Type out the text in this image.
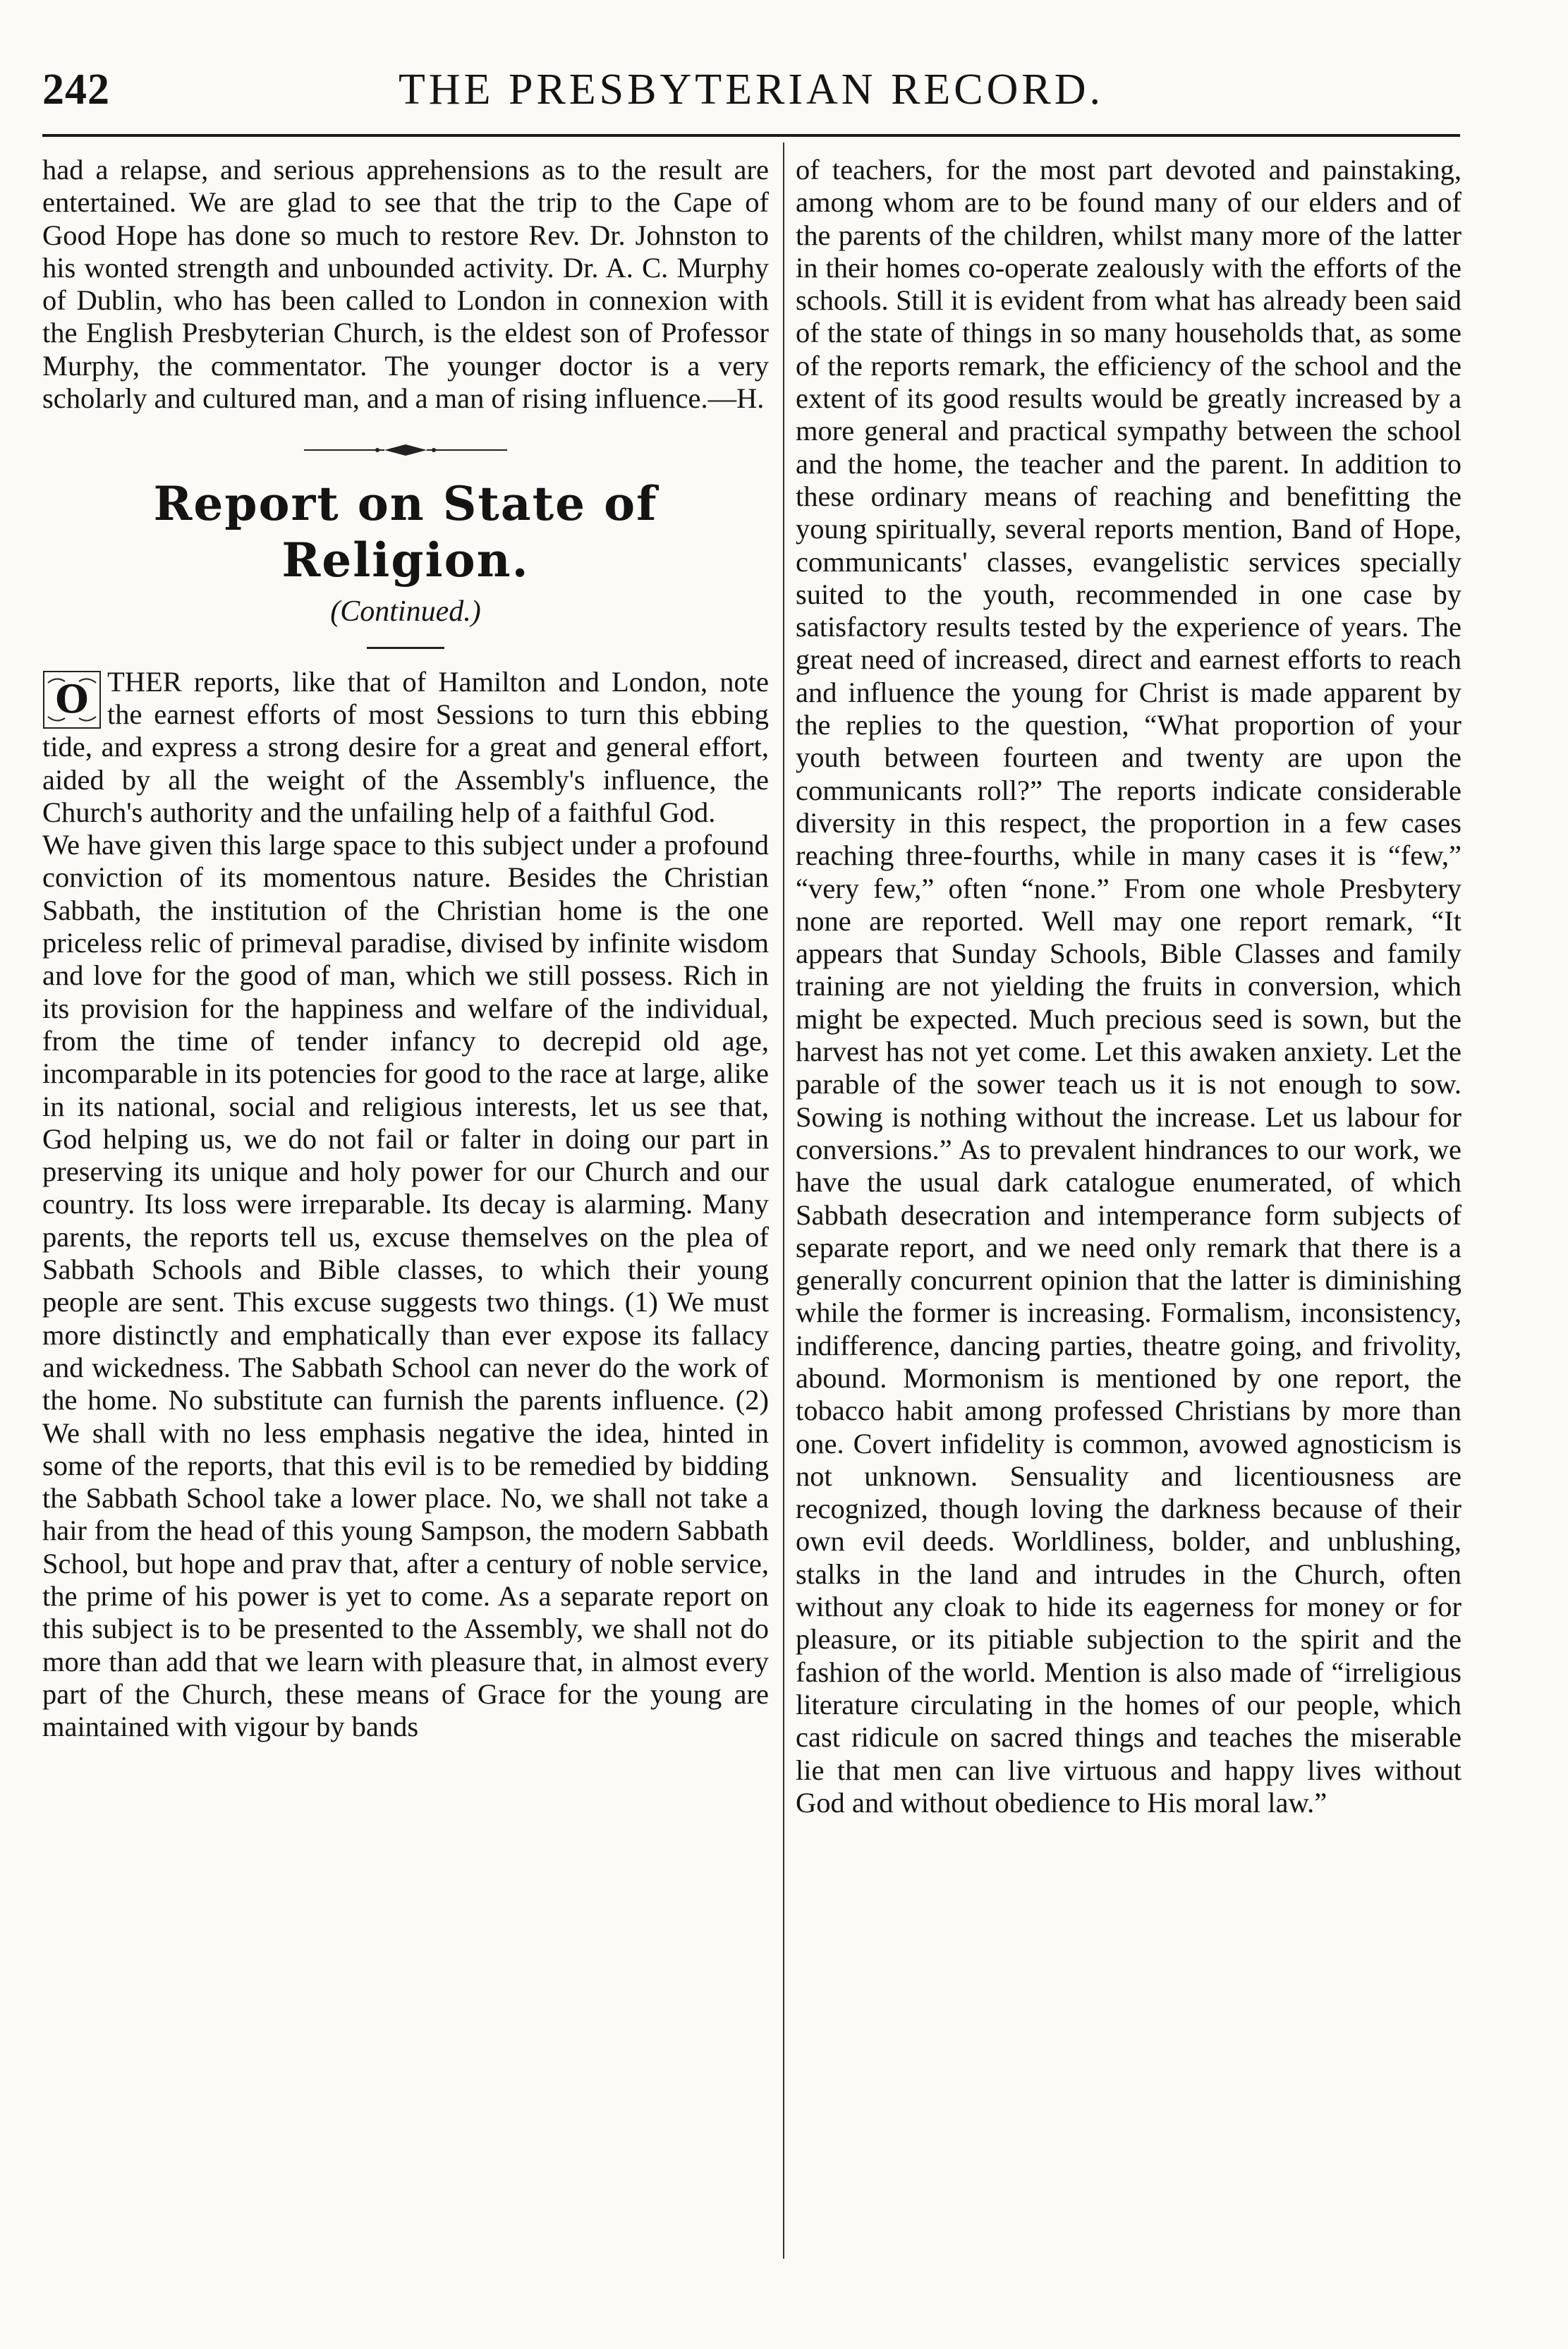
242	THE PRESBYTERIAN RECORD.

had a relapse, and serious apprehensions as to the result are entertained. We are glad to see that the trip to the Cape of Good Hope has done so much to restore Rev. Dr. Johnston to his wonted strength and unbounded activity. Dr. A. C. Murphy of Dublin, who has been called to London in connexion with the English Presbyterian Church, is the eldest son of Professor Murphy, the commentator. The younger doctor is a very scholarly and cultured man, and a man of rising influence.—H.

Report on State of Religion.
(Continued.)

O THER reports, like that of Hamilton and London, note the earnest efforts of most Sessions to turn this ebbing tide, and express a strong desire for a great and general effort, aided by all the weight of the Assembly's influence, the Church's authority and the unfailing help of a faithful God.

We have given this large space to this subject under a profound conviction of its momentous nature. Besides the Christian Sabbath, the institution of the Christian home is the one priceless relic of primeval paradise, divised by infinite wisdom and love for the good of man, which we still possess. Rich in its provision for the happiness and welfare of the individual, from the time of tender infancy to decrepid old age, incomparable in its potencies for good to the race at large, alike in its national, social and religious interests, let us see that, God helping us, we do not fail or falter in doing our part in preserving its unique and holy power for our Church and our country. Its loss were irreparable. Its decay is alarming. Many parents, the reports tell us, excuse themselves on the plea of Sabbath Schools and Bible classes, to which their young people are sent. This excuse suggests two things. (1) We must more distinctly and emphatically than ever expose its fallacy and wickedness. The Sabbath School can never do the work of the home. No substitute can furnish the parents influence. (2) We shall with no less emphasis negative the idea, hinted in some of the reports, that this evil is to be remedied by bidding the Sabbath School take a lower place. No, we shall not take a hair from the head of this young Sampson, the modern Sabbath School, but hope and prav that, after a century of noble service, the prime of his power is yet to come. As a separate report on this subject is to be presented to the Assembly, we shall not do more than add that we learn with pleasure that, in almost every part of the Church, these means of Grace for the young are maintained with vigour by bands

of teachers, for the most part devoted and painstaking, among whom are to be found many of our elders and of the parents of the children, whilst many more of the latter in their homes co-operate zealously with the efforts of the schools. Still it is evident from what has already been said of the state of things in so many households that, as some of the reports remark, the efficiency of the school and the extent of its good results would be greatly increased by a more general and practical sympathy between the school and the home, the teacher and the parent. In addition to these ordinary means of reaching and benefitting the young spiritually, several reports mention, Band of Hope, communicants' classes, evangelistic services specially suited to the youth, recommended in one case by satisfactory results tested by the experience of years. The great need of increased, direct and earnest efforts to reach and influence the young for Christ is made apparent by the replies to the question, “What proportion of your youth between fourteen and twenty are upon the communicants roll?” The reports indicate considerable diversity in this respect, the proportion in a few cases reaching three-fourths, while in many cases it is “few,” “very few,” often “none.” From one whole Presbytery none are reported. Well may one report remark, “It appears that Sunday Schools, Bible Classes and family training are not yielding the fruits in conversion, which might be expected. Much precious seed is sown, but the harvest has not yet come. Let this awaken anxiety. Let the parable of the sower teach us it is not enough to sow. Sowing is nothing without the increase. Let us labour for conversions.” As to prevalent hindrances to our work, we have the usual dark catalogue enumerated, of which Sabbath desecration and intemperance form subjects of separate report, and we need only remark that there is a generally concurrent opinion that the latter is diminishing while the former is increasing. Formalism, inconsistency, indifference, dancing parties, theatre going, and frivolity, abound. Mormonism is mentioned by one report, the tobacco habit among professed Christians by more than one. Covert infidelity is common, avowed agnosticism is not unknown. Sensuality and licentiousness are recognized, though loving the darkness because of their own evil deeds. Worldliness, bolder, and unblushing, stalks in the land and intrudes in the Church, often without any cloak to hide its eagerness for money or for pleasure, or its pitiable subjection to the spirit and the fashion of the world. Mention is also made of “irreligious literature circulating in the homes of our people, which cast ridicule on sacred things and teaches the miserable lie that men can live virtuous and happy lives without God and without obedience to His moral law.”
